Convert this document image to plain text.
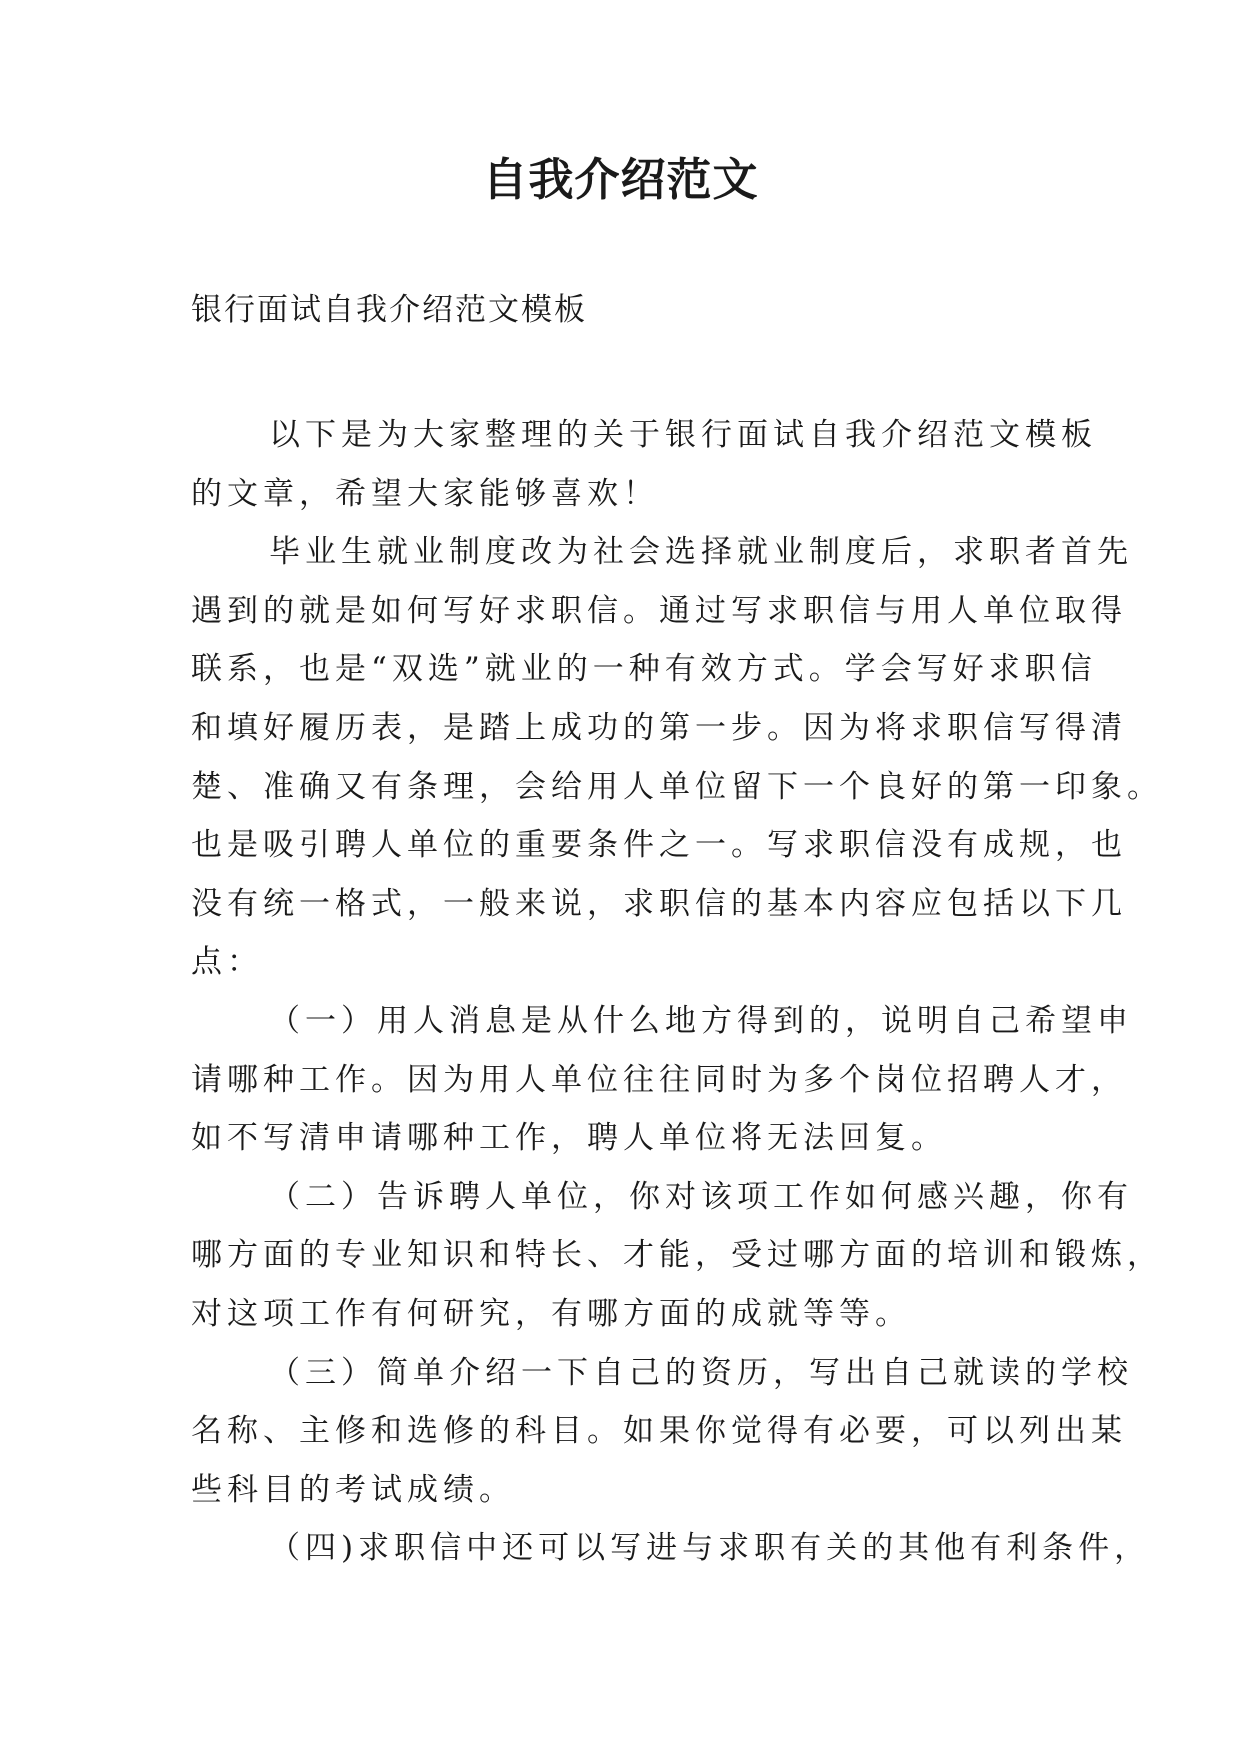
自我介绍范文

银行面试自我介绍范文模板

以下是为大家整理的关于银行面试自我介绍范文模板
的文章，希望大家能够喜欢！

毕业生就业制度改为社会选择就业制度后，求职者首先
遇到的就是如何写好求职信。通过写求职信与用人单位取得
联系，也是“双选”就业的一种有效方式。学会写好求职信
和填好履历表，是踏上成功的第一步。因为将求职信写得清
楚、准确又有条理，会给用人单位留下一个良好的第一印象。
也是吸引聘人单位的重要条件之一。写求职信没有成规，也
没有统一格式，一般来说，求职信的基本内容应包括以下几
点：

（一）用人消息是从什么地方得到的，说明自己希望申
请哪种工作。因为用人单位往往同时为多个岗位招聘人才，
如不写清申请哪种工作，聘人单位将无法回复。

（二）告诉聘人单位，你对该项工作如何感兴趣，你有
哪方面的专业知识和特长、才能，受过哪方面的培训和锻炼，
对这项工作有何研究，有哪方面的成就等等。

（三）简单介绍一下自己的资历，写出自己就读的学校
名称、主修和选修的科目。如果你觉得有必要，可以列出某
些科目的考试成绩。

（四)求职信中还可以写进与求职有关的其他有利条件，
